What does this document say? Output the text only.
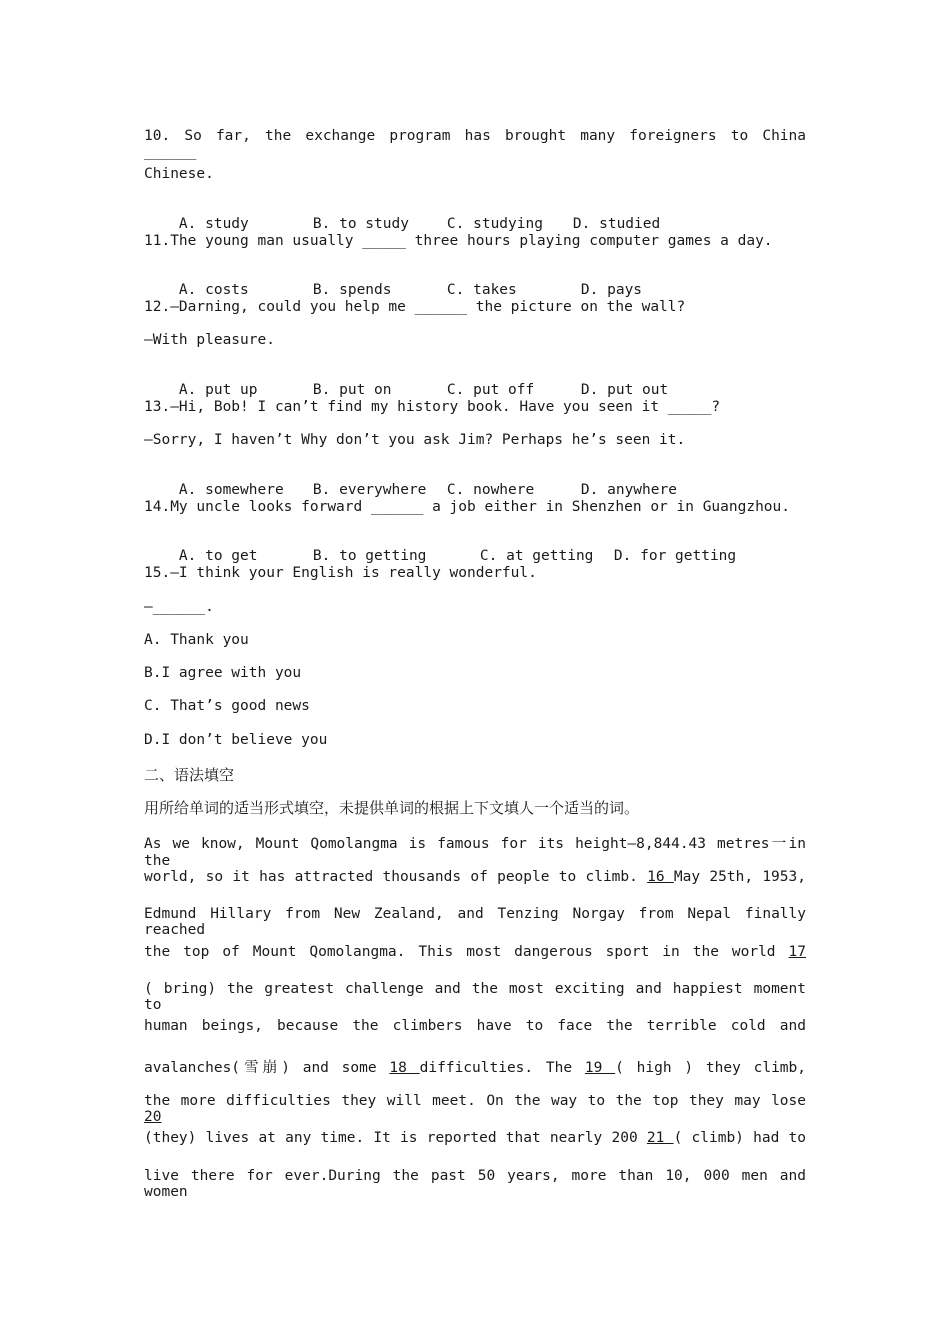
10. So far, the exchange program has brought many foreigners to China ______
Chinese.

A. study	B. to study	C. studying D. studied

11.The young man usually _____ three hours playing computer games a day.

A. costs	B. spends	C. takes	D. pays

12.—Darning, could you help me ______ the picture on the wall?
—With pleasure.

A. put up	B. put on	C. put off	D. put out

13.—Hi, Bob! I can’t find my history book. Have you seen it _____?
—Sorry, I haven’t Why don’t you ask Jim? Perhaps he’s seen it.

A. somewhere B. everywhere C. nowhere	D. anywhere

14.My uncle looks forward ______ a job either in Shenzhen or in Guangzhou.

A. to get	B. to getting	C. at getting D. for getting

15.—I think your English is really wonderful.
—______.
A. Thank you
B.I agree with you
C. That’s good news
D.I don’t believe you
二、语法填空
用所给单词的适当形式填空，未提供单词的根据上下文填人一个适当的词。
As we know, Mount Qomolangma is famous for its height—8,844.43 metres一in the
world, so it has attracted thousands of people to climb. 16 May 25th, 1953,
Edmund Hillary from New Zealand, and Tenzing Norgay from Nepal finally reached
the top of Mount Qomolangma. This most dangerous sport in the world 17
( bring) the greatest challenge and the most exciting and happiest moment to
human beings, because the climbers have to face the terrible cold and
avalanches(雪崩) and some 18 difficulties. The 19 ( high ) they climb,
the more difficulties they will meet. On the way to the top they may lose 20
(they) lives at any time. It is reported that nearly 200 21 ( climb) had to
live there for ever.During the past 50 years, more than 10, 000 men and women
